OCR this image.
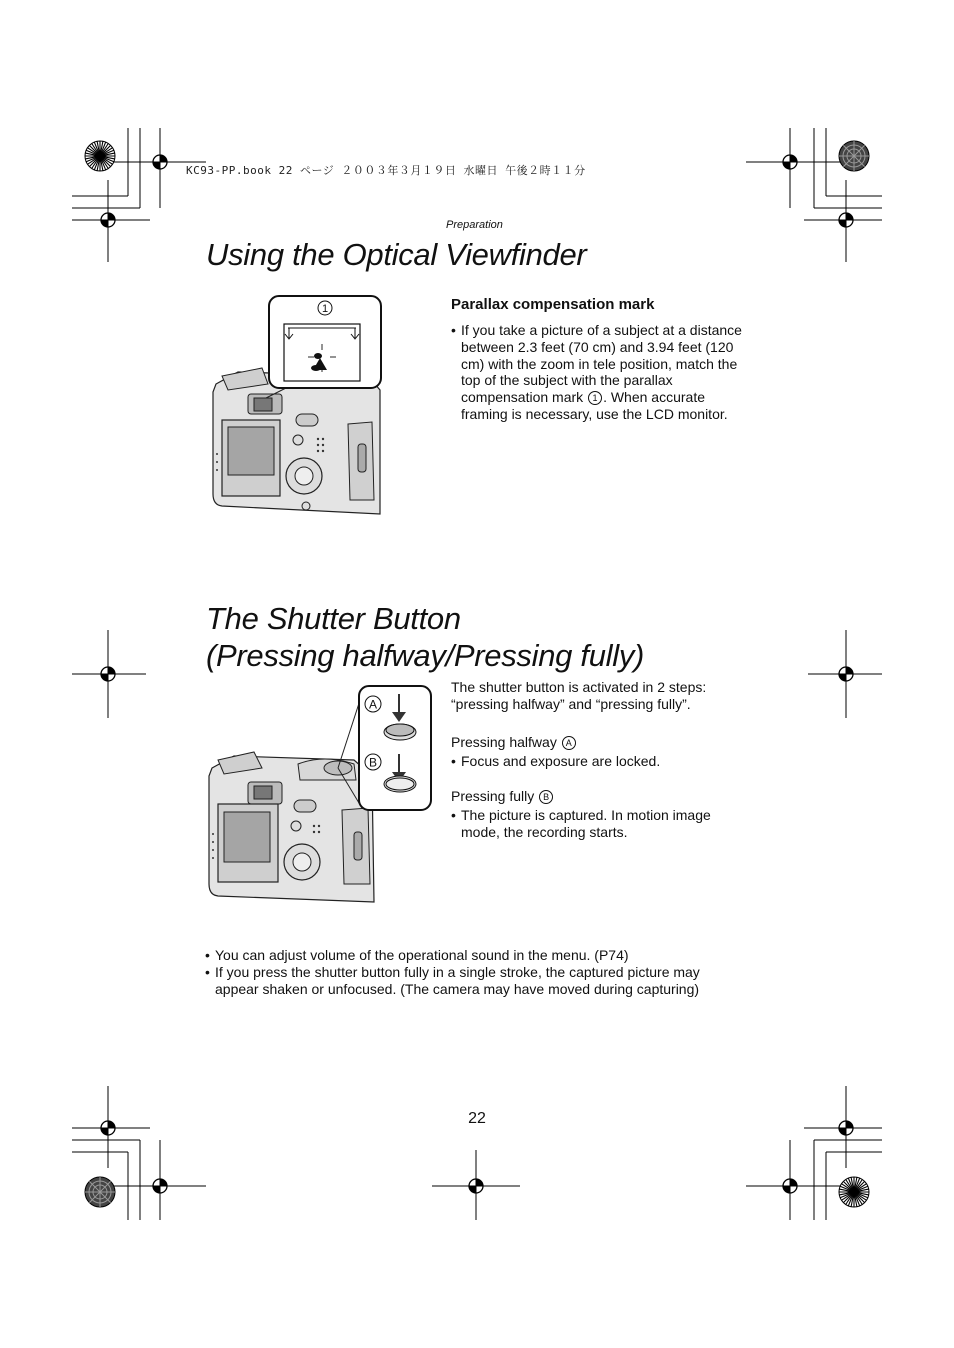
KC93-PP.book 22 ページ ２００３年３月１９日 水曜日 午後２時１１分
Preparation
Using the Optical Viewfinder
1	Parallax compensation mark
• If you take a picture of a subject at a distance between 2.3 feet (70 cm) and 3.94 feet (120 cm) with the zoom in tele position, match the top of the subject with the parallax compensation mark 1 . When accurate framing is necessary, use the LCD monitor.
The Shutter Button
(Pressing halfway/Pressing fully)
A
B
The shutter button is activated in 2 steps: “pressing halfway” and “pressing fully”.
Pressing halfway A
• Focus and exposure are locked.
Pressing fully B
• The picture is captured. In motion image mode, the recording starts.
• You can adjust volume of the operational sound in the menu. (P74)
• If you press the shutter button fully in a single stroke, the captured picture may appear shaken or unfocused. (The camera may have moved during capturing)
22
